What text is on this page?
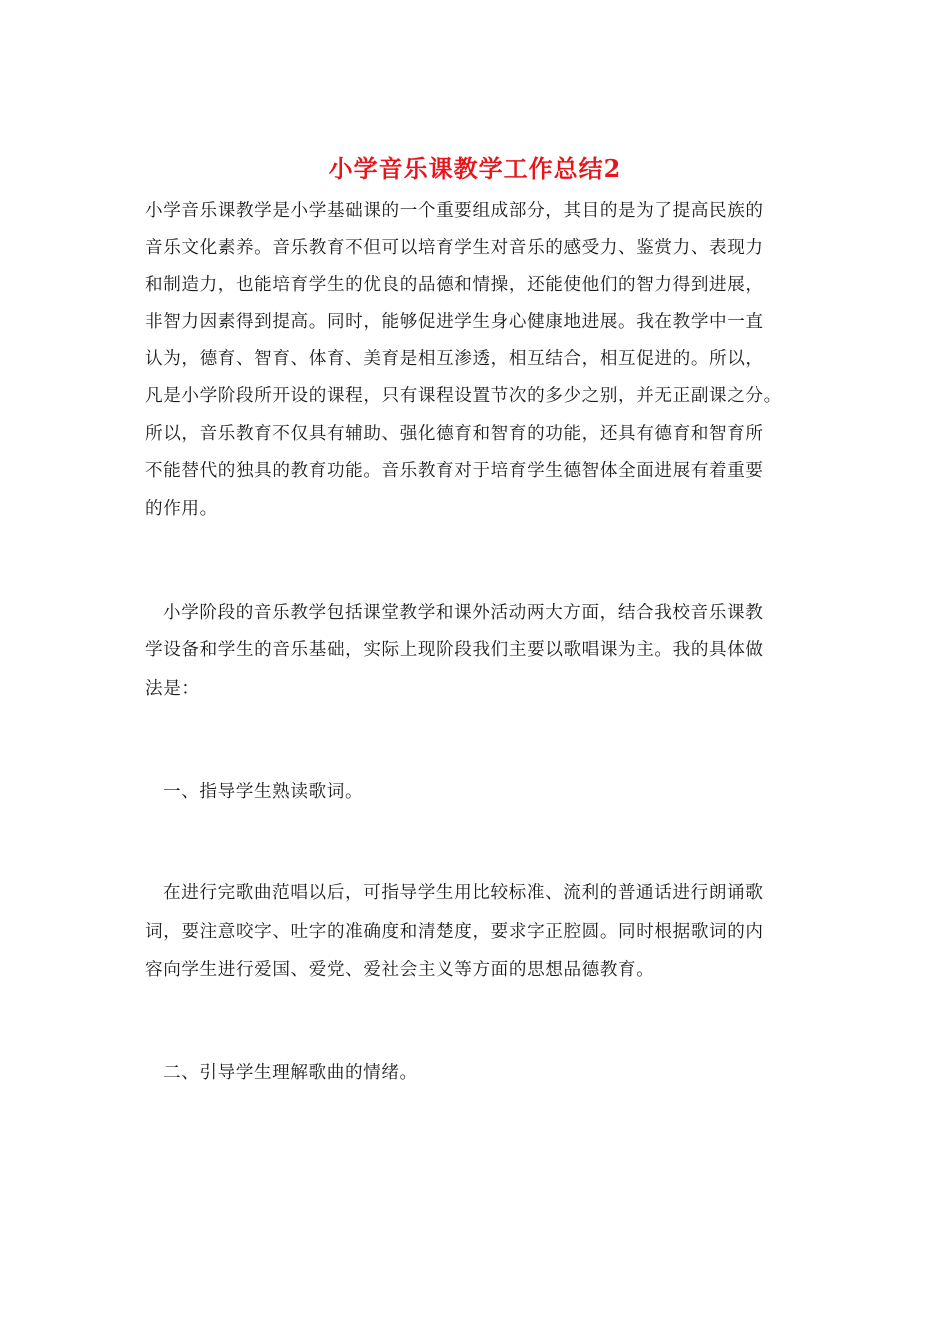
小学音乐课教学工作总结2
小学音乐课教学是小学基础课的一个重要组成部分，其目的是为了提高民族的
音乐文化素养。音乐教育不但可以培育学生对音乐的感受力、鉴赏力、表现力
和制造力，也能培育学生的优良的品德和情操，还能使他们的智力得到进展，
非智力因素得到提高。同时，能够促进学生身心健康地进展。我在教学中一直
认为，德育、智育、体育、美育是相互渗透，相互结合，相互促进的。所以，
凡是小学阶段所开设的课程，只有课程设置节次的多少之别，并无正副课之分。
所以，音乐教育不仅具有辅助、强化德育和智育的功能，还具有德育和智育所
不能替代的独具的教育功能。音乐教育对于培育学生德智体全面进展有着重要
的作用。
小学阶段的音乐教学包括课堂教学和课外活动两大方面，结合我校音乐课教
学设备和学生的音乐基础，实际上现阶段我们主要以歌唱课为主。我的具体做
法是：
一、指导学生熟读歌词。
在进行完歌曲范唱以后，可指导学生用比较标准、流利的普通话进行朗诵歌
词，要注意咬字、吐字的准确度和清楚度，要求字正腔圆。同时根据歌词的内
容向学生进行爱国、爱党、爱社会主义等方面的思想品德教育。
二、引导学生理解歌曲的情绪。
